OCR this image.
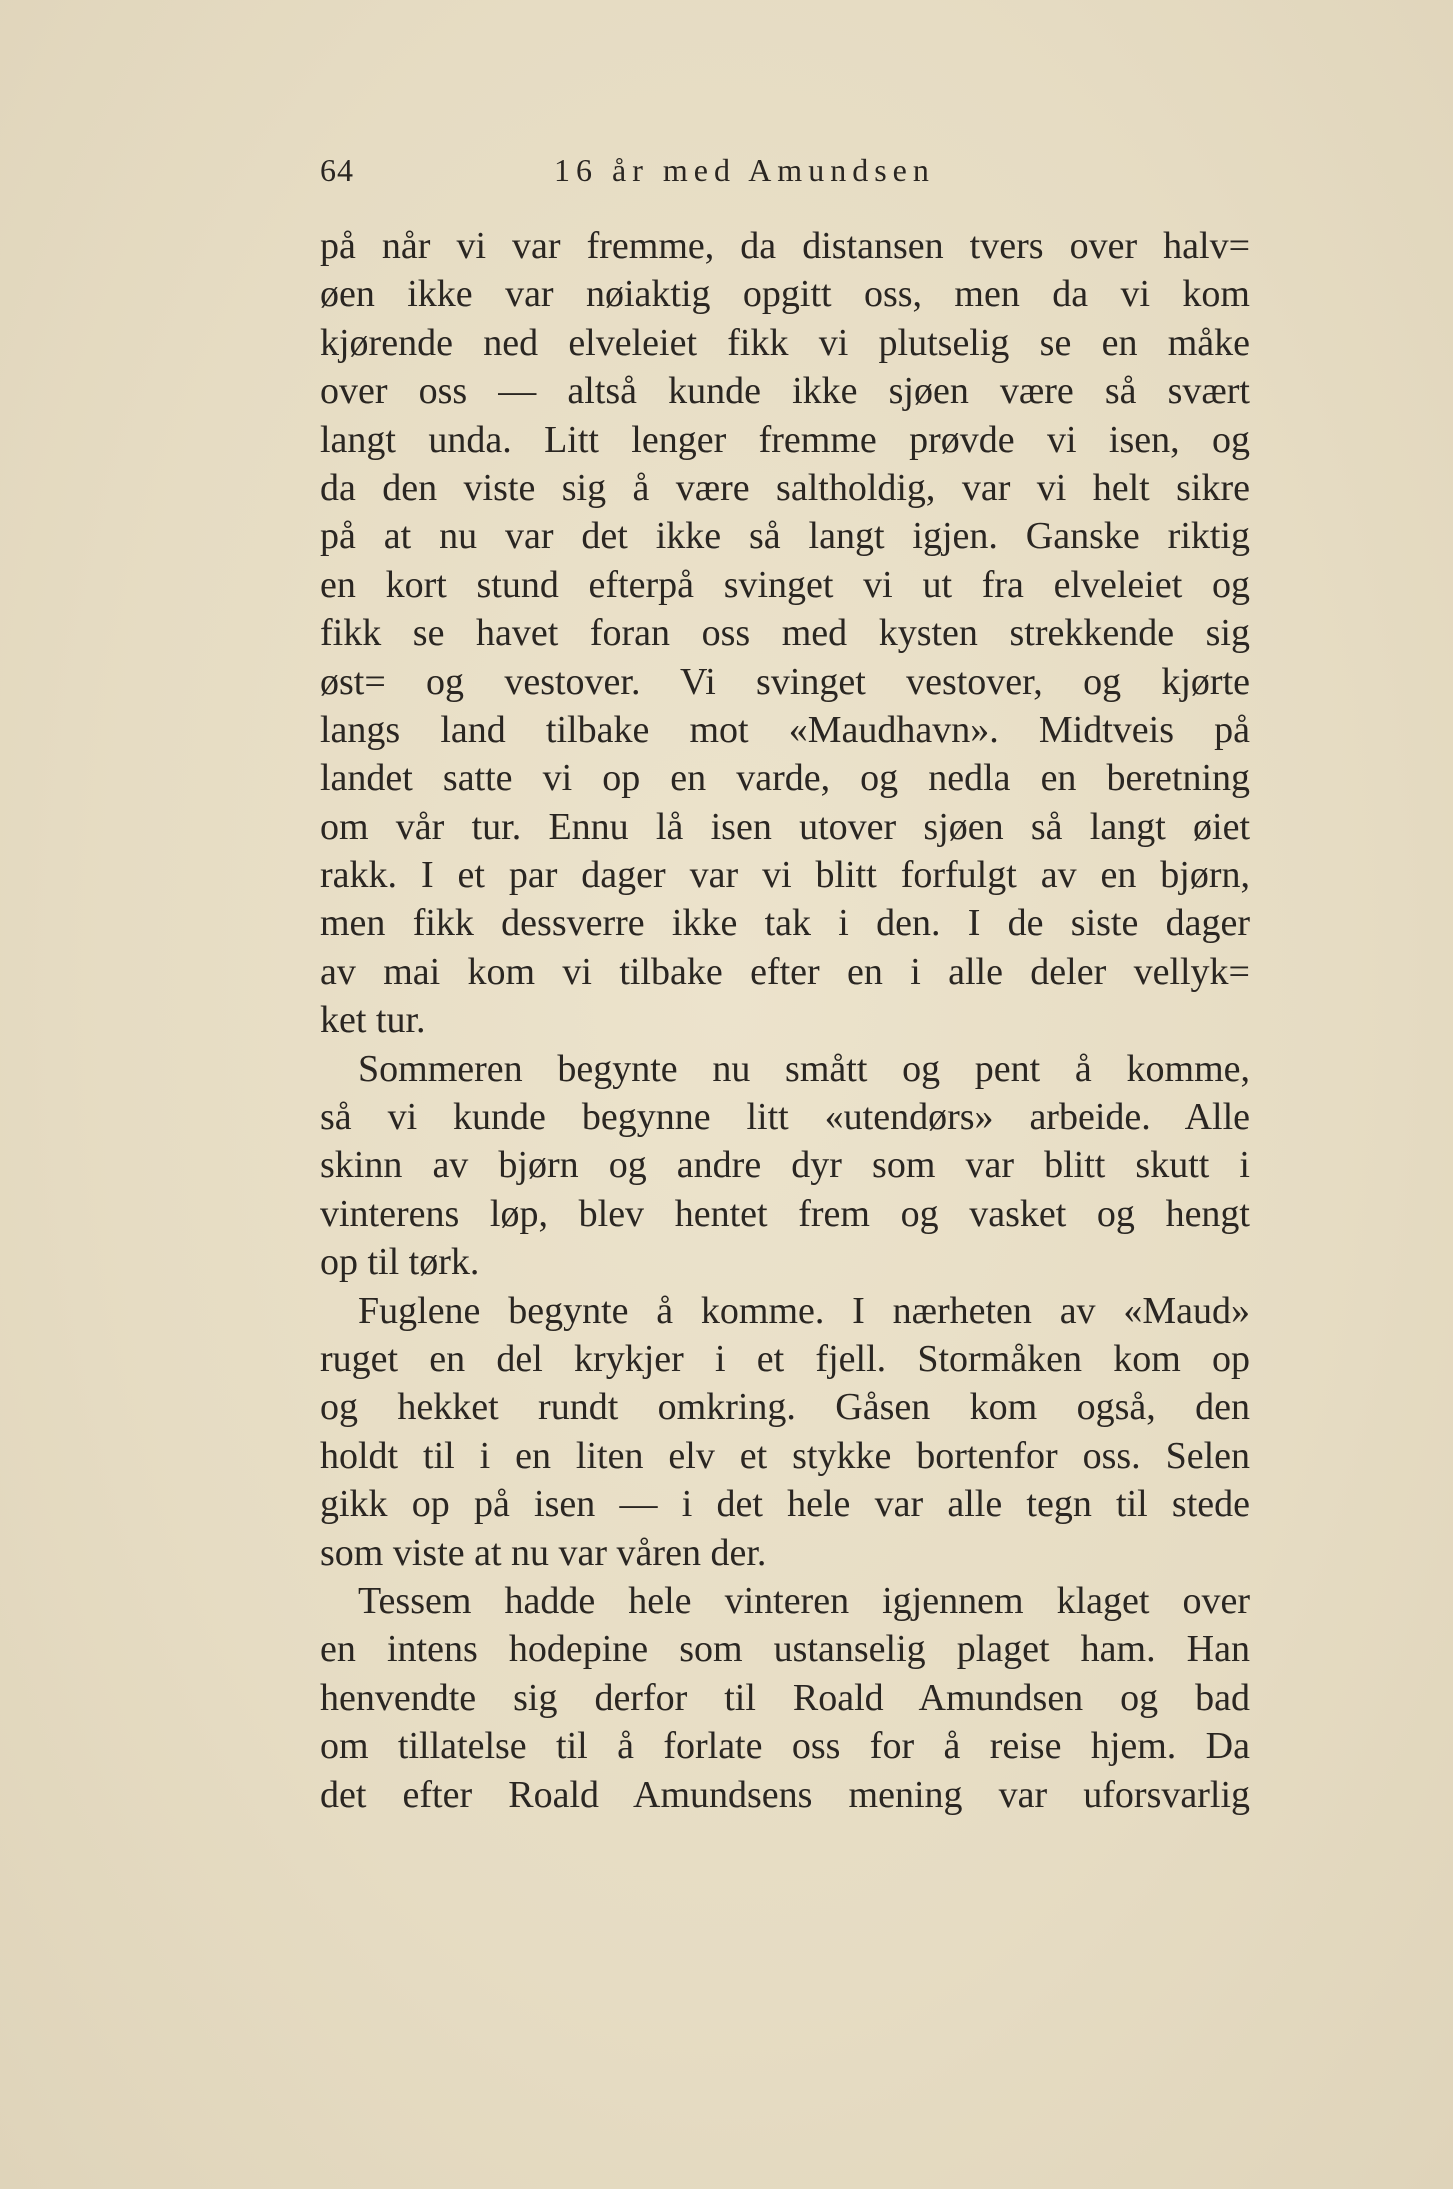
64	16 år med Amundsen
på når vi var fremme, da distansen tvers over halv=
øen ikke var nøiaktig opgitt oss, men da vi kom
kjørende ned elveleiet fikk vi plutselig se en måke
over oss — altså kunde ikke sjøen være så svært
langt unda. Litt lenger fremme prøvde vi isen, og
da den viste sig å være saltholdig, var vi helt sikre
på at nu var det ikke så langt igjen. Ganske riktig
en kort stund efterpå svinget vi ut fra elveleiet og
fikk se havet foran oss med kysten strekkende sig
øst= og vestover. Vi svinget vestover, og kjørte
langs land tilbake mot «Maudhavn». Midtveis på
landet satte vi op en varde, og nedla en beretning
om vår tur. Ennu lå isen utover sjøen så langt øiet
rakk. I et par dager var vi blitt forfulgt av en bjørn,
men fikk dessverre ikke tak i den. I de siste dager
av mai kom vi tilbake efter en i alle deler vellyk=
ket tur.
Sommeren begynte nu smått og pent å komme,
så vi kunde begynne litt «utendørs» arbeide. Alle
skinn av bjørn og andre dyr som var blitt skutt i
vinterens løp, blev hentet frem og vasket og hengt
op til tørk.
Fuglene begynte å komme. I nærheten av «Maud»
ruget en del krykjer i et fjell. Stormåken kom op
og hekket rundt omkring. Gåsen kom også, den
holdt til i en liten elv et stykke bortenfor oss. Selen
gikk op på isen — i det hele var alle tegn til stede
som viste at nu var våren der.
Tessem hadde hele vinteren igjennem klaget over
en intens hodepine som ustanselig plaget ham. Han
henvendte sig derfor til Roald Amundsen og bad
om tillatelse til å forlate oss for å reise hjem. Da
det efter Roald Amundsens mening var uforsvarlig
